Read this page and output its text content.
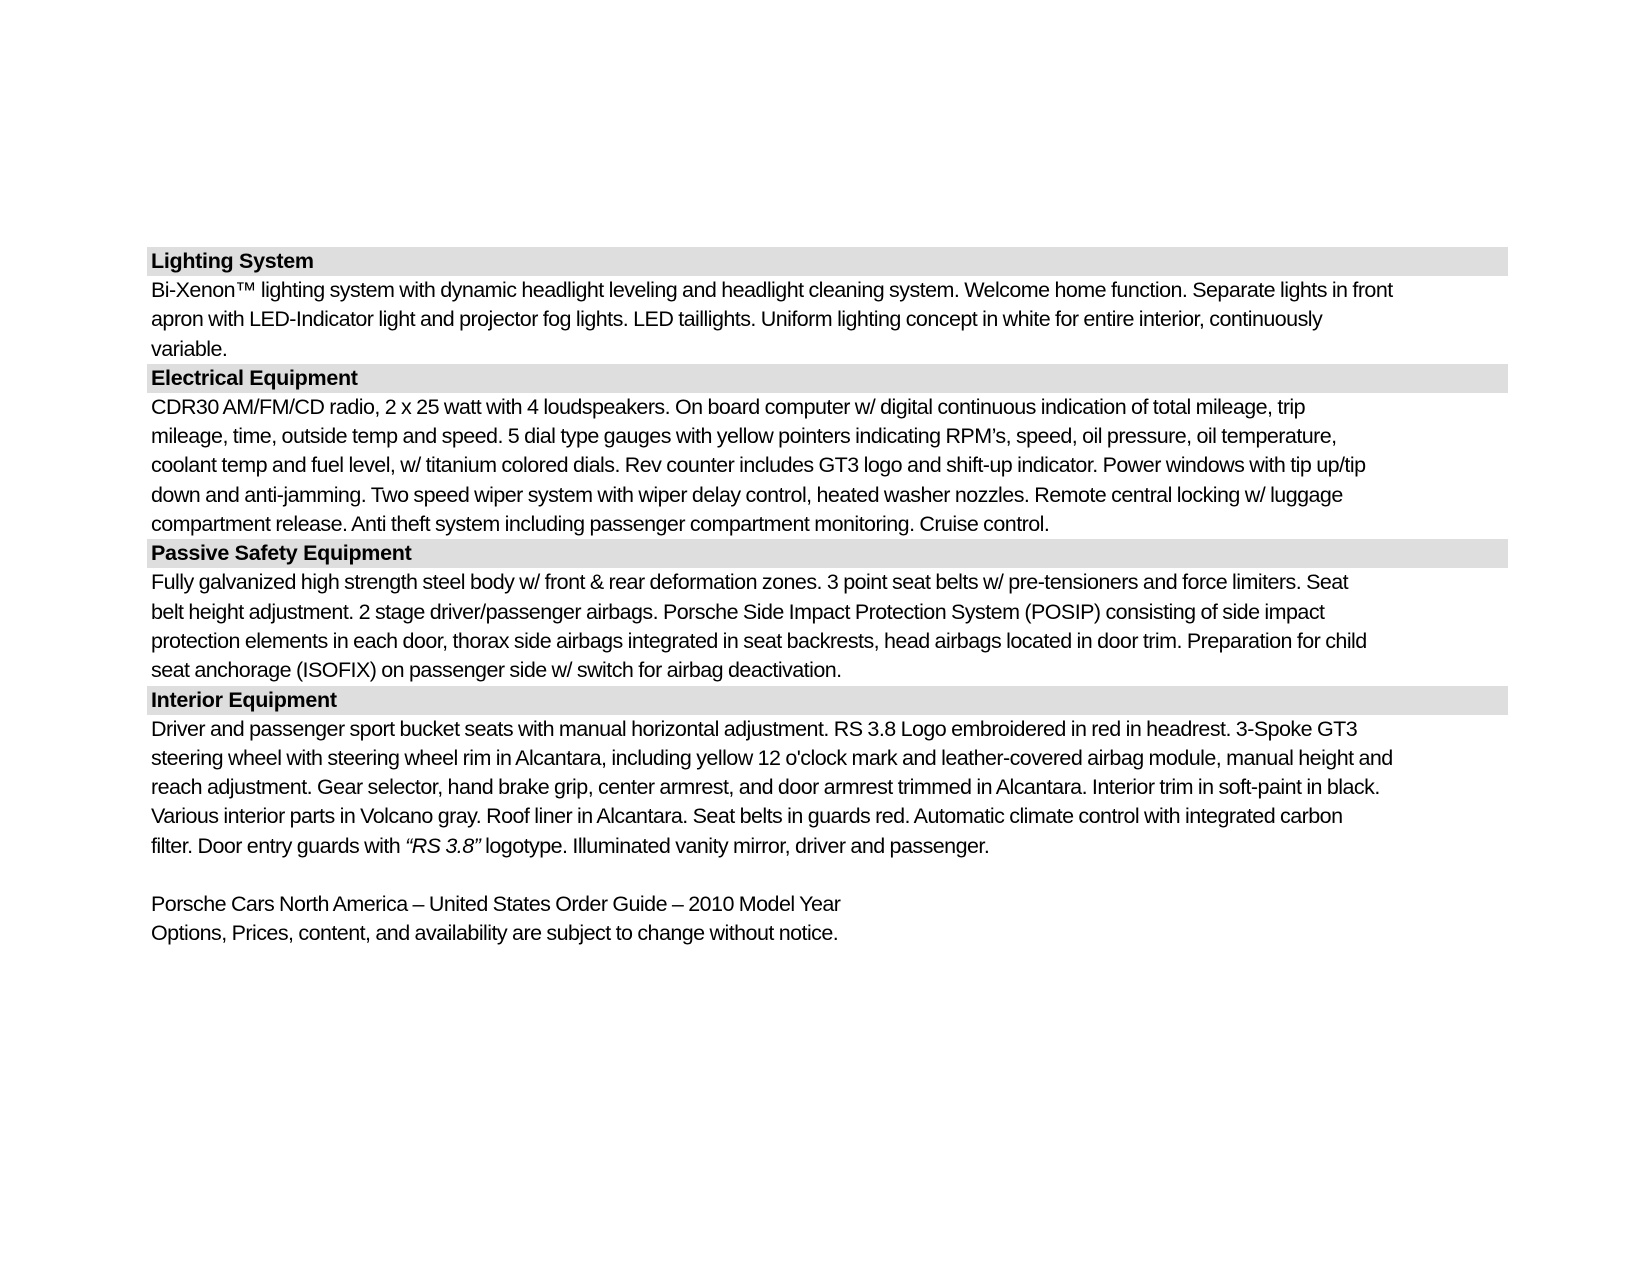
Lighting System
Bi-Xenon™ lighting system with dynamic headlight leveling and headlight cleaning system. Welcome home function. Separate lights in front
apron with LED-Indicator light and projector fog lights. LED taillights. Uniform lighting concept in white for entire interior, continuously
variable.
Electrical Equipment
CDR30 AM/FM/CD radio, 2 x 25 watt with 4 loudspeakers. On board computer w/ digital continuous indication of total mileage, trip
mileage, time, outside temp and speed. 5 dial type gauges with yellow pointers indicating RPM’s, speed, oil pressure, oil temperature,
coolant temp and fuel level, w/ titanium colored dials. Rev counter includes GT3 logo and shift-up indicator. Power windows with tip up/tip
down and anti-jamming. Two speed wiper system with wiper delay control, heated washer nozzles. Remote central locking w/ luggage
compartment release. Anti theft system including passenger compartment monitoring. Cruise control.
Passive Safety Equipment
Fully galvanized high strength steel body w/ front & rear deformation zones. 3 point seat belts w/ pre-tensioners and force limiters. Seat
belt height adjustment. 2 stage driver/passenger airbags. Porsche Side Impact Protection System (POSIP) consisting of side impact
protection elements in each door, thorax side airbags integrated in seat backrests, head airbags located in door trim. Preparation for child
seat anchorage (ISOFIX) on passenger side w/ switch for airbag deactivation.
Interior Equipment
Driver and passenger sport bucket seats with manual horizontal adjustment. RS 3.8 Logo embroidered in red in headrest. 3-Spoke GT3
steering wheel with steering wheel rim in Alcantara, including yellow 12 o'clock mark and leather-covered airbag module, manual height and
reach adjustment. Gear selector, hand brake grip, center armrest, and door armrest trimmed in Alcantara. Interior trim in soft-paint in black.
Various interior parts in Volcano gray. Roof liner in Alcantara. Seat belts in guards red. Automatic climate control with integrated carbon
filter. Door entry guards with “RS 3.8” logotype. Illuminated vanity mirror, driver and passenger.
Porsche Cars North America – United States Order Guide – 2010 Model Year
Options, Prices, content, and availability are subject to change without notice.
